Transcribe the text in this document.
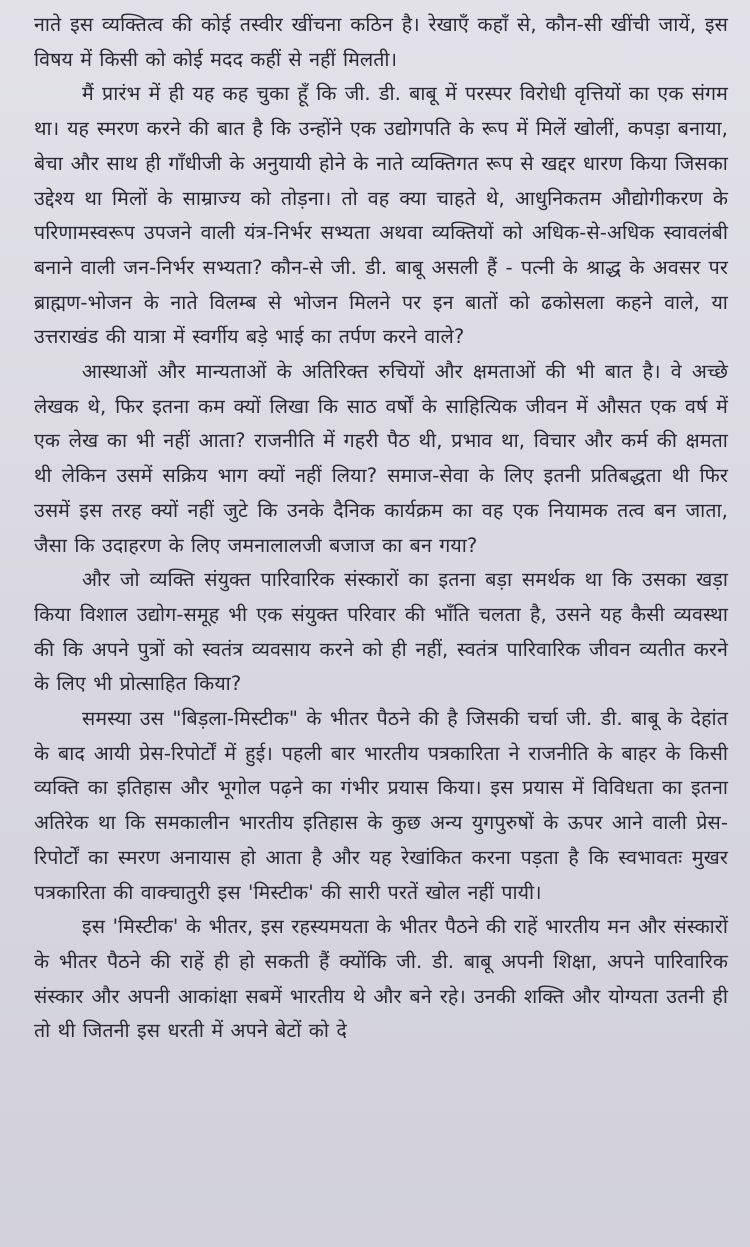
नाते इस व्यक्तित्व की कोई तस्वीर खींचना कठिन है। रेखाएँ कहाँ से, कौन-सी खींची जायें, इस विषय में किसी को कोई मदद कहीं से नहीं मिलती।

मैं प्रारंभ में ही यह कह चुका हूँ कि जी. डी. बाबू में परस्पर विरोधी वृत्तियों का एक संगम था। यह स्मरण करने की बात है कि उन्होंने एक उद्योगपति के रूप में मिलें खोलीं, कपड़ा बनाया, बेचा और साथ ही गाँधीजी के अनुयायी होने के नाते व्यक्तिगत रूप से खद्दर धारण किया जिसका उद्देश्य था मिलों के साम्राज्य को तोड़ना। तो वह क्या चाहते थे, आधुनिकतम औद्योगीकरण के परिणामस्वरूप उपजने वाली यंत्र-निर्भर सभ्यता अथवा व्यक्तियों को अधिक-से-अधिक स्वावलंबी बनाने वाली जन-निर्भर सभ्यता? कौन-से जी. डी. बाबू असली हैं - पत्नी के श्राद्ध के अवसर पर ब्राह्मण-भोजन के नाते विलम्ब से भोजन मिलने पर इन बातों को ढकोसला कहने वाले, या उत्तराखंड की यात्रा में स्वर्गीय बड़े भाई का तर्पण करने वाले?

आस्थाओं और मान्यताओं के अतिरिक्त रुचियों और क्षमताओं की भी बात है। वे अच्छे लेखक थे, फिर इतना कम क्यों लिखा कि साठ वर्षों के साहित्यिक जीवन में औसत एक वर्ष में एक लेख का भी नहीं आता? राजनीति में गहरी पैठ थी, प्रभाव था, विचार और कर्म की क्षमता थी लेकिन उसमें सक्रिय भाग क्यों नहीं लिया? समाज-सेवा के लिए इतनी प्रतिबद्धता थी फिर उसमें इस तरह क्यों नहीं जुटे कि उनके दैनिक कार्यक्रम का वह एक नियामक तत्व बन जाता, जैसा कि उदाहरण के लिए जमनालालजी बजाज का बन गया?

और जो व्यक्ति संयुक्त पारिवारिक संस्कारों का इतना बड़ा समर्थक था कि उसका खड़ा किया विशाल उद्योग-समूह भी एक संयुक्त परिवार की भाँति चलता है, उसने यह कैसी व्यवस्था की कि अपने पुत्रों को स्वतंत्र व्यवसाय करने को ही नहीं, स्वतंत्र पारिवारिक जीवन व्यतीत करने के लिए भी प्रोत्साहित किया?

समस्या उस "बिड़ला-मिस्टीक" के भीतर पैठने की है जिसकी चर्चा जी. डी. बाबू के देहांत के बाद आयी प्रेस-रिपोर्टों में हुई। पहली बार भारतीय पत्रकारिता ने राजनीति के बाहर के किसी व्यक्ति का इतिहास और भूगोल पढ़ने का गंभीर प्रयास किया। इस प्रयास में विविधता का इतना अतिरेक था कि समकालीन भारतीय इतिहास के कुछ अन्य युगपुरुषों के ऊपर आने वाली प्रेस-रिपोर्टों का स्मरण अनायास हो आता है और यह रेखांकित करना पड़ता है कि स्वभावतः मुखर पत्रकारिता की वाक्चातुरी इस 'मिस्टीक' की सारी परतें खोल नहीं पायी।

इस 'मिस्टीक' के भीतर, इस रहस्यमयता के भीतर पैठने की राहें भारतीय मन और संस्कारों के भीतर पैठने की राहें ही हो सकती हैं क्योंकि जी. डी. बाबू अपनी शिक्षा, अपने पारिवारिक संस्कार और अपनी आकांक्षा सबमें भारतीय थे और बने रहे। उनकी शक्ति और योग्यता उतनी ही तो थी जितनी इस धरती में अपने बेटों को दे
